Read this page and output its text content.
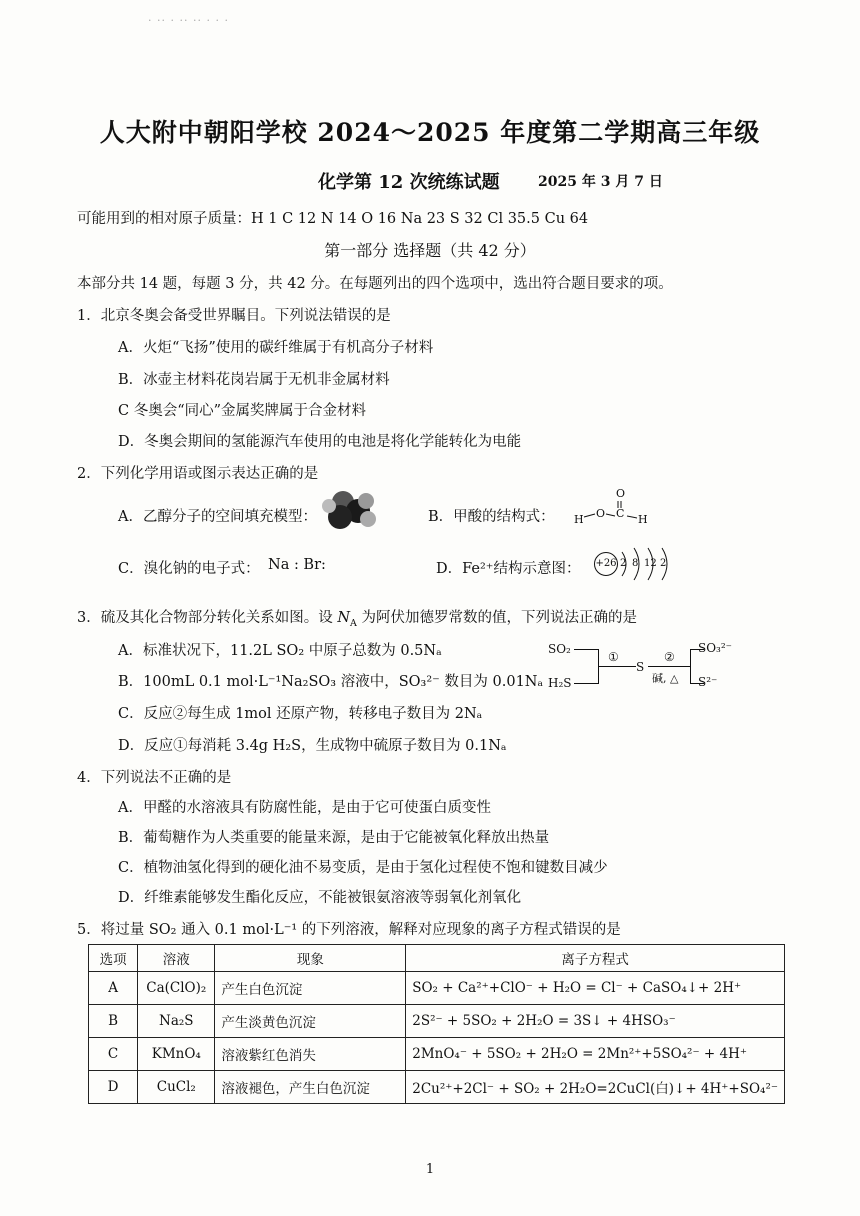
· ·· · ·· ·· · · ·
人大附中朝阳学校 2024～2025 年度第二学期高三年级
化学第 12 次统练试题	2025 年 3 月 7 日
可能用到的相对原子质量：H 1 C 12 N 14 O 16 Na 23 S 32 Cl 35.5 Cu 64
第一部分 选择题（共 42 分）
本部分共 14 题，每题 3 分，共 42 分。在每题列出的四个选项中，选出符合题目要求的项。
1．北京冬奥会备受世界瞩目。下列说法错误的是
A．火炬“飞扬”使用的碳纤维属于有机高分子材料
B．冰壶主材料花岗岩属于无机非金属材料
C 冬奥会“同心”金属奖牌属于合金材料
D．冬奥会期间的氢能源汽车使用的电池是将化学能转化为电能
2．下列化学用语或图示表达正确的是
A．乙醇分子的空间填充模型：	B．甲酸的结构式：
O
H O C H
C．溴化钠的电子式： Na : Br:	D．Fe²⁺结构示意图： +26 2 8 12 2
3．硫及其化合物部分转化关系如图。设 $N_A$ 为阿伏加德罗常数的值，下列说法正确的是
A．标准状况下，11.2L SO₂ 中原子总数为 0.5Nₐ
B．100mL 0.1 mol·L⁻¹Na₂SO₃ 溶液中，SO₃²⁻ 数目为 0.01Nₐ
C．反应②每生成 1mol 还原产物，转移电子数目为 2Nₐ
D．反应①每消耗 3.4g H₂S，生成物中硫原子数目为 0.1Nₐ
SO₂
H₂S
①
S
②
碱, △
SO₃²⁻
S²⁻
4．下列说法不正确的是
A．甲醛的水溶液具有防腐性能，是由于它可使蛋白质变性
B．葡萄糖作为人类重要的能量来源，是由于它能被氧化释放出热量
C．植物油氢化得到的硬化油不易变质，是由于氢化过程使不饱和键数目减少
D．纤维素能够发生酯化反应，不能被银氨溶液等弱氧化剂氧化
5．将过量 SO₂ 通入 0.1 mol·L⁻¹ 的下列溶液，解释对应现象的离子方程式错误的是
选项	溶液	现象	离子方程式
A	Ca(ClO)₂	产生白色沉淀	SO₂ + Ca²⁺+ClO⁻ + H₂O = Cl⁻ + CaSO₄↓+ 2H⁺
B	Na₂S	产生淡黄色沉淀	2S²⁻ + 5SO₂ + 2H₂O = 3S↓ + 4HSO₃⁻
C	KMnO₄	溶液紫红色消失	2MnO₄⁻ + 5SO₂ + 2H₂O = 2Mn²⁺+5SO₄²⁻ + 4H⁺
D	CuCl₂	溶液褪色，产生白色沉淀	2Cu²⁺+2Cl⁻ + SO₂ + 2H₂O=2CuCl(白)↓+ 4H⁺+SO₄²⁻
1
